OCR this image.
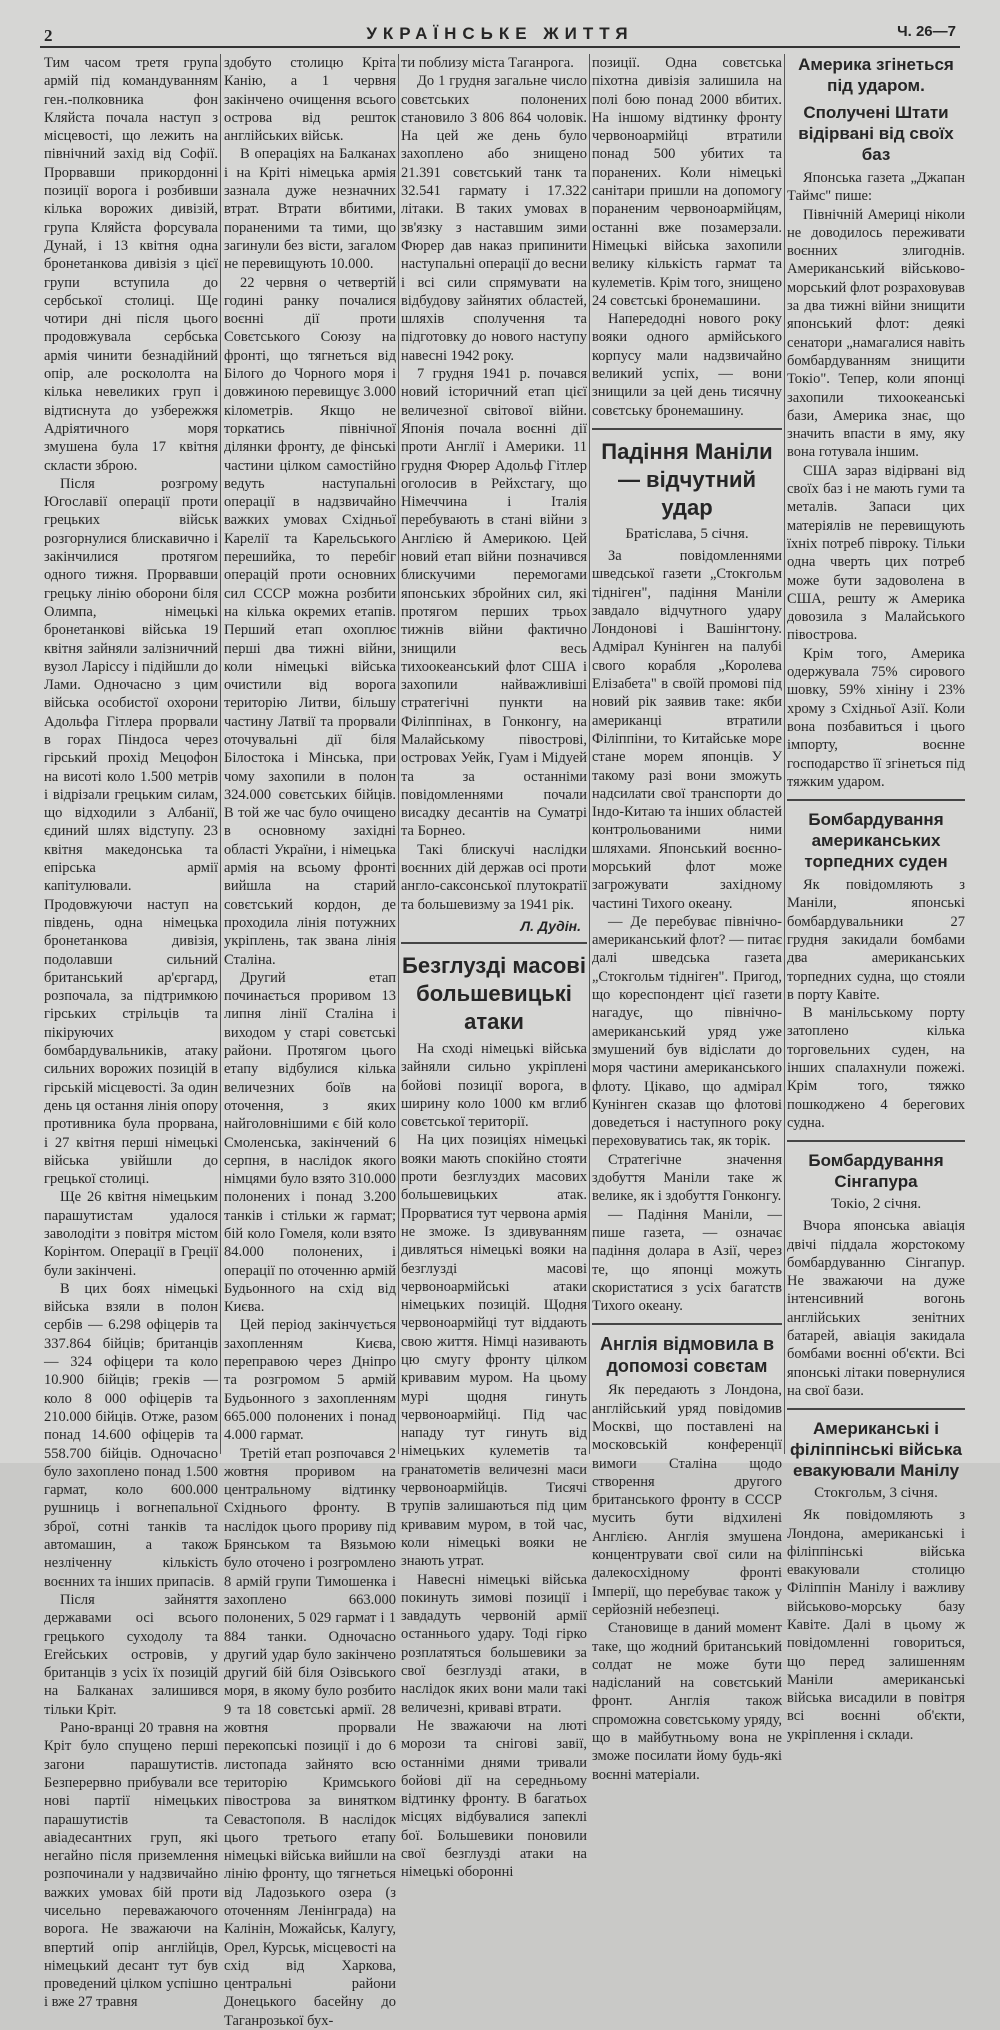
2	УКРАЇНСЬКЕ ЖИТТЯ	Ч. 26—7

Тим часом третя група армій під командуванням ген.-полковника фон Кляйста почала наступ з місцевості, що лежить на північний захід від Софії. Прорвавши прикордонні позиції ворога і розбивши кілька ворожих дивізій, група Кляйста форсувала Дунай, і 13 квітня одна бронетанкова дивізія з цієї групи вступила до сербської столиці. Ще чотири дні після цього продовжувала сербська армія чинити безнадійний опір, але роскололта на кілька невеликих груп і відтиснута до узбережжя Адріятичного моря змушена була 17 квітня скласти зброю.

Після розгрому Югославії операції проти грецьких військ розгорнулися блискавично і закінчилися протягом одного тижня. Прорвавши грецьку лінію оборони біля Олимпа, німецькі бронетанкові війська 19 квітня зайняли залізничний вузол Ларіссу і підійшли до Лами. Одночасно з цим війська особистої охорони Адольфа Гітлера прорвали в горах Піндоса через гірський прохід Мецофон на висоті коло 1.500 метрів і відрізали грецьким силам, що відходили з Албанії, єдиний шлях відступу. 23 квітня македонська та епірська армії капітулювали. Продовжуючи наступ на південь, одна німецька бронетанкова дивізія, подолавши сильний британський ар'єргард, розпочала, за підтримкою гірських стрільців та пікіруючих бомбардувальників, атаку сильних ворожих позицій в гірській місцевості. За один день ця остання лінія опору противника була прорвана, і 27 квітня перші німецькі війська увійшли до грецької столиці.

Ще 26 квітня німецьким парашутистам удалося заволодіти з повітря містом Корінтом. Операції в Греції були закінчені.

В цих боях німецькі війська взяли в полон сербів — 6.298 офіцерів та 337.864 бійців; британців — 324 офіцери та коло 10.900 бійців; греків — коло 8 000 офіцерів та 210.000 бійців. Отже, разом понад 14.600 офіцерів та 558.700 бійців. Одночасно було захоплено понад 1.500 гармат, коло 600.000 рушниць і вогнепальної зброї, сотні танків та автомашин, а також незліченну кількість воєнних та інших припасів.

Після зайняття державами осі всього грецького суходолу та Егейських островів, у британців з усіх їх позицій на Балканах залишився тільки Кріт.

Рано-вранці 20 травня на Кріт було спущено перші загони парашутистів. Безперервно прибували все нові партії німецьких парашутистів та авіадесантних груп, які негайно після приземлення розпочинали у надзвичайно важких умовах бій проти чисельно переважаючого ворога. Не зважаючи на впертий опір англійців, німецький десант тут був проведений цілком успішно і вже 27 травня

здобуто столицю Кріта Канію, а 1 червня закінчено очищення всього острова від решток англійських військ.

В операціях на Балканах і на Кріті німецька армія зазнала дуже незначних втрат. Втрати вбитими, пораненими та тими, що загинули без вісти, загалом не перевищують 10.000.

22 червня о четвертій годині ранку почалися воєнні дії проти Совєтського Союзу на фронті, що тягнеться від Білого до Чорного моря і довжиною перевищує 3.000 кілометрів. Якщо не торкатись північної ділянки фронту, де фінські частини цілком самостійно ведуть наступальні операції в надзвичайно важких умовах Східньої Карелії та Карельського перешийка, то перебіг операцій проти основних сил СССР можна розбити на кілька окремих етапів. Перший етап охоплює перші два тижні війни, коли німецькі війська очистили від ворога територію Литви, більшу частину Латвії та прорвали оточувальні дії біля Білостока і Мінська, при чому захопили в полон 324.000 совєтських бійців. В той же час було очищено в основному західні області України, і німецька армія на всьому фронті вийшла на старий совєтський кордон, де проходила лінія потужних укріплень, так звана лінія Сталіна.

Другий етап починається проривом 13 липня лінії Сталіна і виходом у старі совєтські райони. Протягом цього етапу відбулися кілька величезних боїв на оточення, з яких найголовнішими є бій коло Смоленська, закінчений 6 серпня, в наслідок якого німцями було взято 310.000 полонених і понад 3.200 танків і стільки ж гармат; бій коло Гомеля, коли взято 84.000 полонених, і операції по оточенню армій Будьонного на схід від Києва.

Цей період закінчується захопленням Києва, переправою через Дніпро та розгромом 5 армій Будьонного з захопленням 665.000 полонених і понад 4.000 гармат.

Третій етап розпочався 2 жовтня проривом на центральному відтинку Східнього фронту. В наслідок цього прориву під Брянськом та Вязьмою було оточено і розгромлено 8 армій групи Тимошенка і захоплено 663.000 полонених, 5 029 гармат і 1 884 танки. Одночасно другий удар було закінчено другий бій біля Озівського моря, в якому було розбито 9 та 18 совєтські армії. 28 жовтня прорвали перекопські позиції і до 6 листопада зайнято всю територію Кримського півострова за винятком Севастополя. В наслідок цього третього етапу німецькі війська вийшли на лінію фронту, що тягнеться від Ладозького озера (з оточенням Ленінграда) на Калінін, Можайськ, Калугу, Орел, Курськ, місцевості на схід від Харкова, центральні райони Донецького басейну до Таганрозької бух-

ти поблизу міста Таганрога.

До 1 грудня загальне число совєтських полонених становило 3 806 864 чоловік. На цей же день було захоплено або знищено 21.391 совєтський танк та 32.541 гармату і 17.322 літаки. В таких умовах в зв'язку з наставшим зими Фюрер дав наказ припинити наступальні операції до весни і всі сили спрямувати на відбудову зайнятих областей, шляхів сполучення та підготовку до нового наступу навесні 1942 року.

7 грудня 1941 р. почався новий історичний етап цієї величезної світової війни. Японія почала воєнні дії проти Англії і Америки. 11 грудня Фюрер Адольф Гітлер оголосив в Рейхстагу, що Німеччина і Італія перебувають в стані війни з Англією й Америкою. Цей новий етап війни позначився блискучими перемогами японських збройних сил, які протягом перших трьох тижнів війни фактично знищили весь тихоокеанський флот США і захопили найважливіші стратегічні пункти на Філіппінах, в Гонконгу, на Малайському півострові, островах Уейк, Гуам і Мідуей та за останніми повідомленнями почали висадку десантів на Суматрі та Борнео.

Такі блискучі наслідки воєнних дій держав осі проти англо-саксонської плутократії та большевизму за 1941 рік.

Л. Дудін.
Безглузді масові большевицькі атаки

На сході німецькі війська зайняли сильно укріплені бойові позиції ворога, в ширину коло 1000 км вглиб совєтської території.

На цих позиціях німецькі вояки мають спокійно стояти проти безглуздих масових большевицьких атак. Прорватися тут червона армія не зможе. Із здивуванням дивляться німецькі вояки на безглузді масові червоноармійські атаки німецьких позицій. Щодня червоноармійці тут віддають свою життя. Німці називають цю смугу фронту цілком кривавим муром. На цьому мурі щодня гинуть червоноармійці. Під час нападу тут гинуть від німецьких кулеметів та гранатометів величезні маси червоноармійців. Тисячі трупів залишаються під цим кривавим муром, в той час, коли німецькі вояки не знають утрат.

Навесні німецькі війська покинуть зимові позиції і завдадуть червоній армії останнього удару. Тоді гірко розплатяться большевики за свої безглузді атаки, в наслідок яких вони мали такі величезні, криваві втрати.

Не зважаючи на люті морози та снігові завії, останніми днями тривали бойові дії на середньому відтинку фронту. В багатьох місцях відбувалися запеклі бої. Большевики поновили свої безглузді атаки на німецькі оборонні

позиції. Одна совєтська піхотна дивізія залишила на полі бою понад 2000 вбитих. На іншому відтинку фронту червоноармійці втратили понад 500 убитих та поранених. Коли німецькі санітари пришли на допомогу пораненим червоноармійцям, останні вже позамерзали. Німецькі війська захопили велику кількість гармат та кулеметів. Крім того, знищено 24 совєтські бронемашини.

Напередодні нового року вояки одного армійського корпусу мали надзвичайно великий успіх, — вони знищили за цей день тисячну совєтську бронемашину.

Падіння Маніли — відчутний удар
Братіслава, 5 січня.

За повідомленнями шведської газети „Стокгольм тідніген", падіння Маніли завдало відчутного удару Лондонові і Вашінгтону. Адмірал Кунінген на палубі свого корабля „Королева Елізабета" в своїй промові під новий рік заявив таке: якби американці втратили Філіппіни, то Китайське море стане морем японців. У такому разі вони зможуть надсилати свої транспорти до Індо-Китаю та інших областей контрольованими ними шляхами. Японський воєнно-морський флот може загрожувати західному частині Тихого океану.

— Де перебуває північно-американський флот? — питає далі шведська газета „Стокгольм тідніген". Пригод, що кореспондент цієї газети нагадує, що північно-американський уряд уже змушений був відіслати до моря частини американського флоту. Цікаво, що адмірал Кунінген сказав що флотові доведеться і наступного року переховуватись так, як торік.

Стратегічне значення здобуття Маніли таке ж велике, як і здобуття Гонконгу.

— Падіння Маніли, — пише газета, — означає падіння долара в Азії, через те, що японці можуть скористатися з усіх багатств Тихого океану.

Англія відмовила в допомозі совєтам

Як передають з Лондона, англійський уряд повідомив Москві, що поставлені на московській конференції вимоги Сталіна щодо створення другого британського фронту в СССР мусить бути відхилені Англією. Англія змушена концентрувати свої сили на далекосхідному фронті Імперії, що перебуває також у серйозній небезпеці.

Становище в даний момент таке, що жодний британський солдат не може бути надісланий на совєтський фронт. Англія також спроможна совєтському уряду, що в майбутньому вона не зможе посилати йому будь-які воєнні матеріали.

Америка згінеться під ударом.
Сполучені Штати відірвані від своїх баз

Японська газета „Джапан Таймс" пише:

Північній Америці ніколи не доводилось переживати воєнних злигоднів. Американський військово-морський флот розраховував за два тижні війни знищити японський флот: деякі сенатори „намагалися навіть бомбардуванням знищити Токіо". Тепер, коли японці захопили тихоокеанські бази, Америка знає, що значить впасти в яму, яку вона готувала іншим.

США зараз відірвані від своїх баз і не мають гуми та металів. Запаси цих матеріялів не перевищують їхніх потреб піврoку. Тільки одна чверть цих потреб може бути задоволена в США, решту ж Америка довозила з Малайського півострова.

Крім того, Америка одержувала 75% сирового шовку, 59% хініну і 23% хрому з Східньої Азії. Коли вона позбавиться і цього імпорту, воєнне господарство її згінеться під тяжким ударом.

Бомбардування американських торпедних суден

Як повідомляють з Маніли, японські бомбардувальники 27 грудня закидали бомбами два американських торпедних судна, що стояли в порту Кавіте.

В манільському порту затоплено кілька торговельних суден, на інших спалахнули пожежі. Крім того, тяжко пошкоджено 4 берегових судна.

Бомбардування Сінгапура
Токіо, 2 січня.

Вчора японська авіація двічі піддала жорстокому бомбардуванню Сінгапур. Не зважаючи на дуже інтенсивний вогонь англійських зенітних батарей, авіація закидала бомбами воєнні об'єкти. Всі японські літаки повернулися на свої бази.

Американські і філіппінські війська евакуювали Манілу
Стокгольм, 3 січня.

Як повідомляють з Лондона, американські і філіппінські війська евакуювали столицю Філіппін Манілу і важливу військово-морську базу Кавіте. Далі в цьому ж повідомленні говориться, що перед залишенням Маніли американські війська висадили в повітря всі воєнні об'єкти, укріплення і склади.
